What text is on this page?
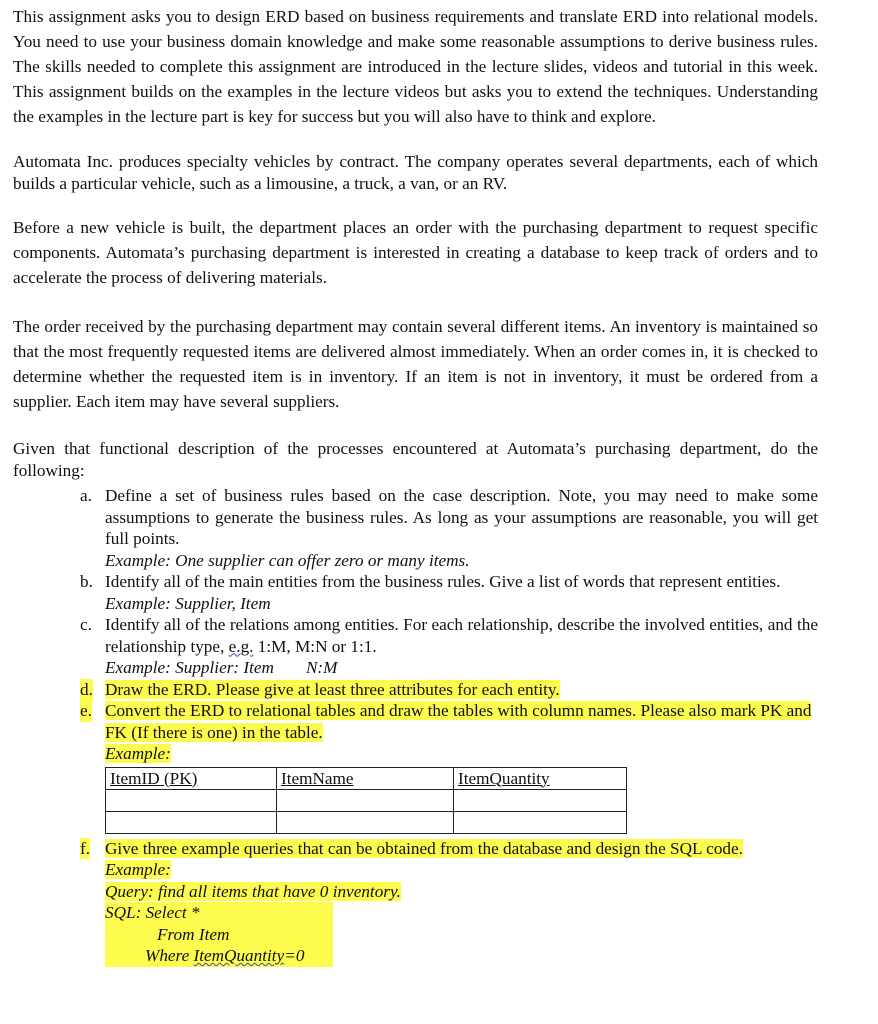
This assignment asks you to design ERD based on business requirements and translate ERD into relational models. You need to use your business domain knowledge and make some reasonable assumptions to derive business rules. The skills needed to complete this assignment are introduced in the lecture slides, videos and tutorial in this week. This assignment builds on the examples in the lecture videos but asks you to extend the techniques. Understanding the examples in the lecture part is key for success but you will also have to think and explore.

Automata Inc. produces specialty vehicles by contract. The company operates several departments, each of which builds a particular vehicle, such as a limousine, a truck, a van, or an RV.

Before a new vehicle is built, the department places an order with the purchasing department to request specific components. Automata’s purchasing department is interested in creating a database to keep track of orders and to accelerate the process of delivering materials.

The order received by the purchasing department may contain several different items. An inventory is maintained so that the most frequently requested items are delivered almost immediately. When an order comes in, it is checked to determine whether the requested item is in inventory. If an item is not in inventory, it must be ordered from a supplier. Each item may have several suppliers.

Given that functional description of the processes encountered at Automata’s purchasing department, do the following:

a. Define a set of business rules based on the case description. Note, you may need to make some assumptions to generate the business rules. As long as your assumptions are reasonable, you will get full points.
Example: One supplier can offer zero or many items.
b. Identify all of the main entities from the business rules. Give a list of words that represent entities.
Example: Supplier, Item
c. Identify all of the relations among entities. For each relationship, describe the involved entities, and the relationship type, e.g. 1:M, M:N or 1:1.
Example: Supplier: Item N:M
d. Draw the ERD. Please give at least three attributes for each entity.
e. Convert the ERD to relational tables and draw the tables with column names. Please also mark PK and FK (If there is one) in the table.
Example:
ItemID (PK)	ItemName	ItemQuantity

f. Give three example queries that can be obtained from the database and design the SQL code.
Example:
Query: find all items that have 0 inventory.

SQL: Select *
From Item
Where ItemQuantity=0
